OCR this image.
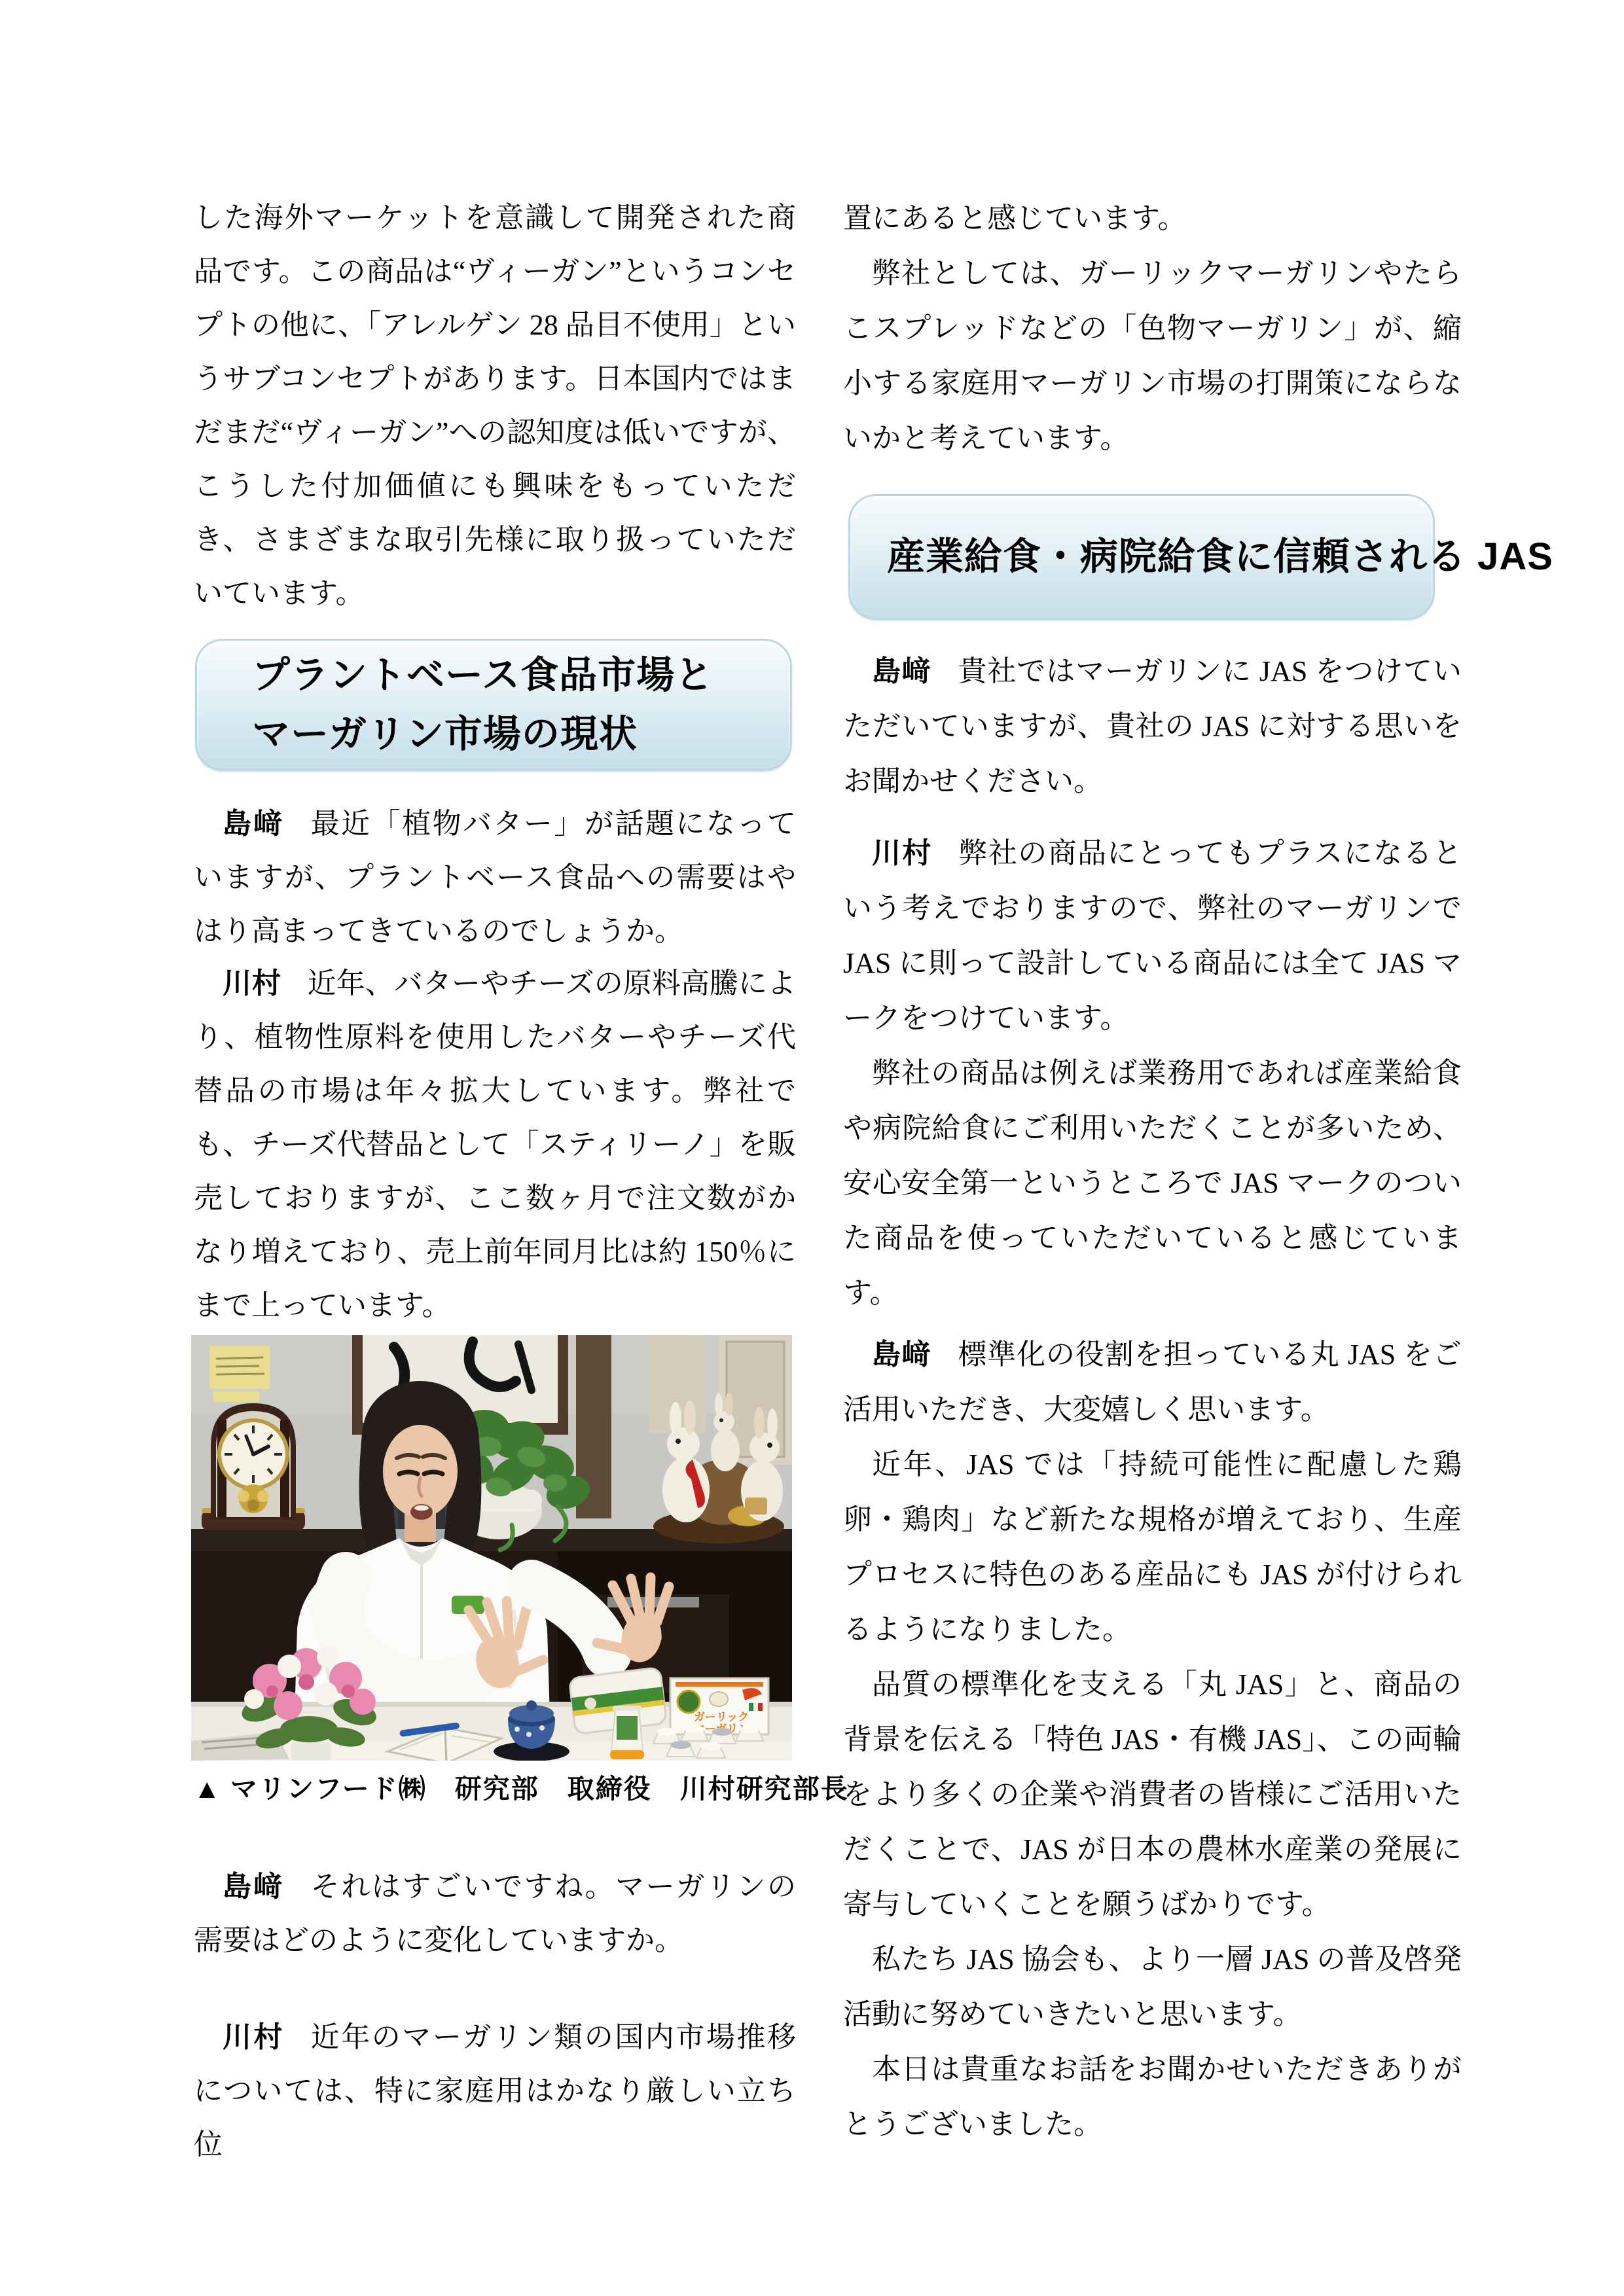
した海外マーケットを意識して開発された商品です。この商品は“ヴィーガン”というコンセプトの他に、「アレルゲン 28 品目不使用」というサブコンセプトがあります。日本国内ではまだまだ“ヴィーガン”への認知度は低いですが、こうした付加価値にも興味をもっていただき、さまざまな取引先様に取り扱っていただいています。

プラントベース食品市場と
マーガリン市場の現状

島﨑 最近「植物バター」が話題になっていますが、プラントベース食品への需要はやはり高まってきているのでしょうか。

川村 近年、バターやチーズの原料高騰により、植物性原料を使用したバターやチーズ代替品の市場は年々拡大しています。弊社でも、チーズ代替品として「スティリーノ」を販売しておりますが、ここ数ヶ月で注文数がかなり増えており、売上前年同月比は約 150％にまで上っています。

ガーリック
▲ マリンフード㈱　研究部　取締役　川村研究部長

島﨑 それはすごいですね。マーガリンの需要はどのように変化していますか。

川村 近年のマーガリン類の国内市場推移については、特に家庭用はかなり厳しい立ち位

置にあると感じています。

弊社としては、ガーリックマーガリンやたらこスプレッドなどの「色物マーガリン」が、縮小する家庭用マーガリン市場の打開策にならないかと考えています。

産業給食・病院給食に信頼される JAS

島﨑 貴社ではマーガリンに JAS をつけていただいていますが、貴社の JAS に対する思いをお聞かせください。

川村 弊社の商品にとってもプラスになるという考えでおりますので、弊社のマーガリンで JAS に則って設計している商品には全て JAS マークをつけています。

弊社の商品は例えば業務用であれば産業給食や病院給食にご利用いただくことが多いため、安心安全第一というところで JAS マークのついた商品を使っていただいていると感じています。

島﨑 標準化の役割を担っている丸 JAS をご活用いただき、大変嬉しく思います。

近年、JAS では「持続可能性に配慮した鶏卵・鶏肉」など新たな規格が増えており、生産プロセスに特色のある産品にも JAS が付けられるようになりました。

品質の標準化を支える「丸 JAS」と、商品の背景を伝える「特色 JAS・有機 JAS」、この両輪をより多くの企業や消費者の皆様にご活用いただくことで、JAS が日本の農林水産業の発展に寄与していくことを願うばかりです。

私たち JAS 協会も、より一層 JAS の普及啓発活動に努めていきたいと思います。

本日は貴重なお話をお聞かせいただきありがとうございました。
